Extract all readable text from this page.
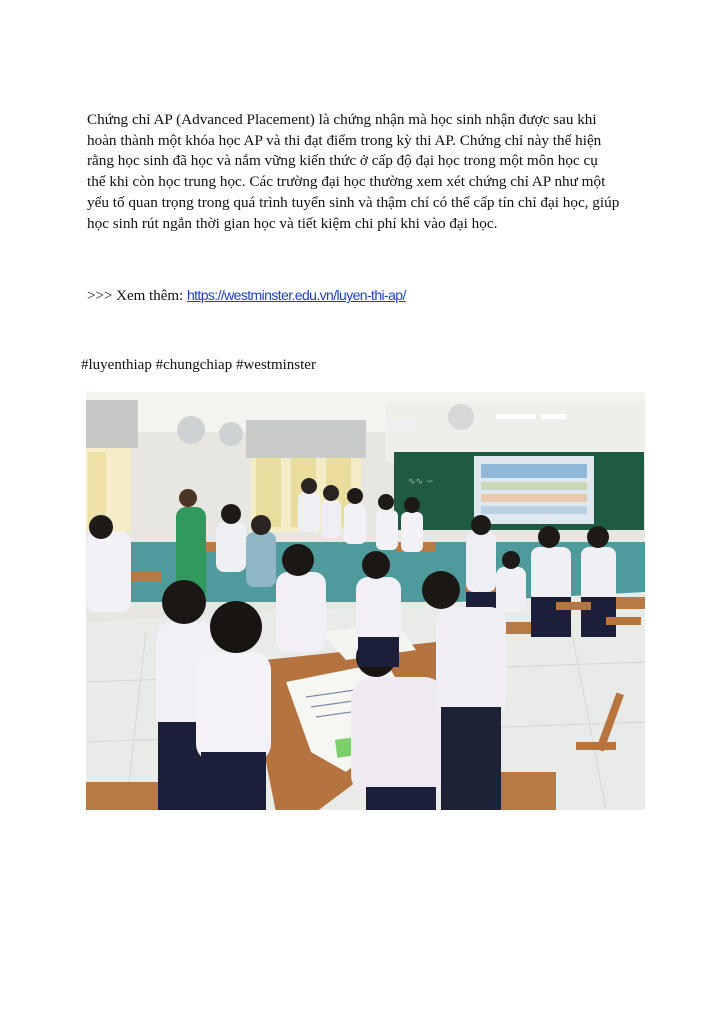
Chứng chỉ AP (Advanced Placement) là chứng nhận mà học sinh nhận được sau khi
hoàn thành một khóa học AP và thi đạt điểm trong kỳ thi AP. Chứng chỉ này thể hiện
rằng học sinh đã học và nắm vững kiến thức ở cấp độ đại học trong một môn học cụ
thể khi còn học trung học. Các trường đại học thường xem xét chứng chỉ AP như một
yếu tố quan trọng trong quá trình tuyển sinh và thậm chí có thể cấp tín chỉ đại học, giúp
học sinh rút ngắn thời gian học và tiết kiệm chi phí khi vào đại học.
>>> Xem thêm: https://westminster.edu.vn/luyen-thi-ap/
#luyenthiap #chungchiap #westminster
∿∿ ∽
